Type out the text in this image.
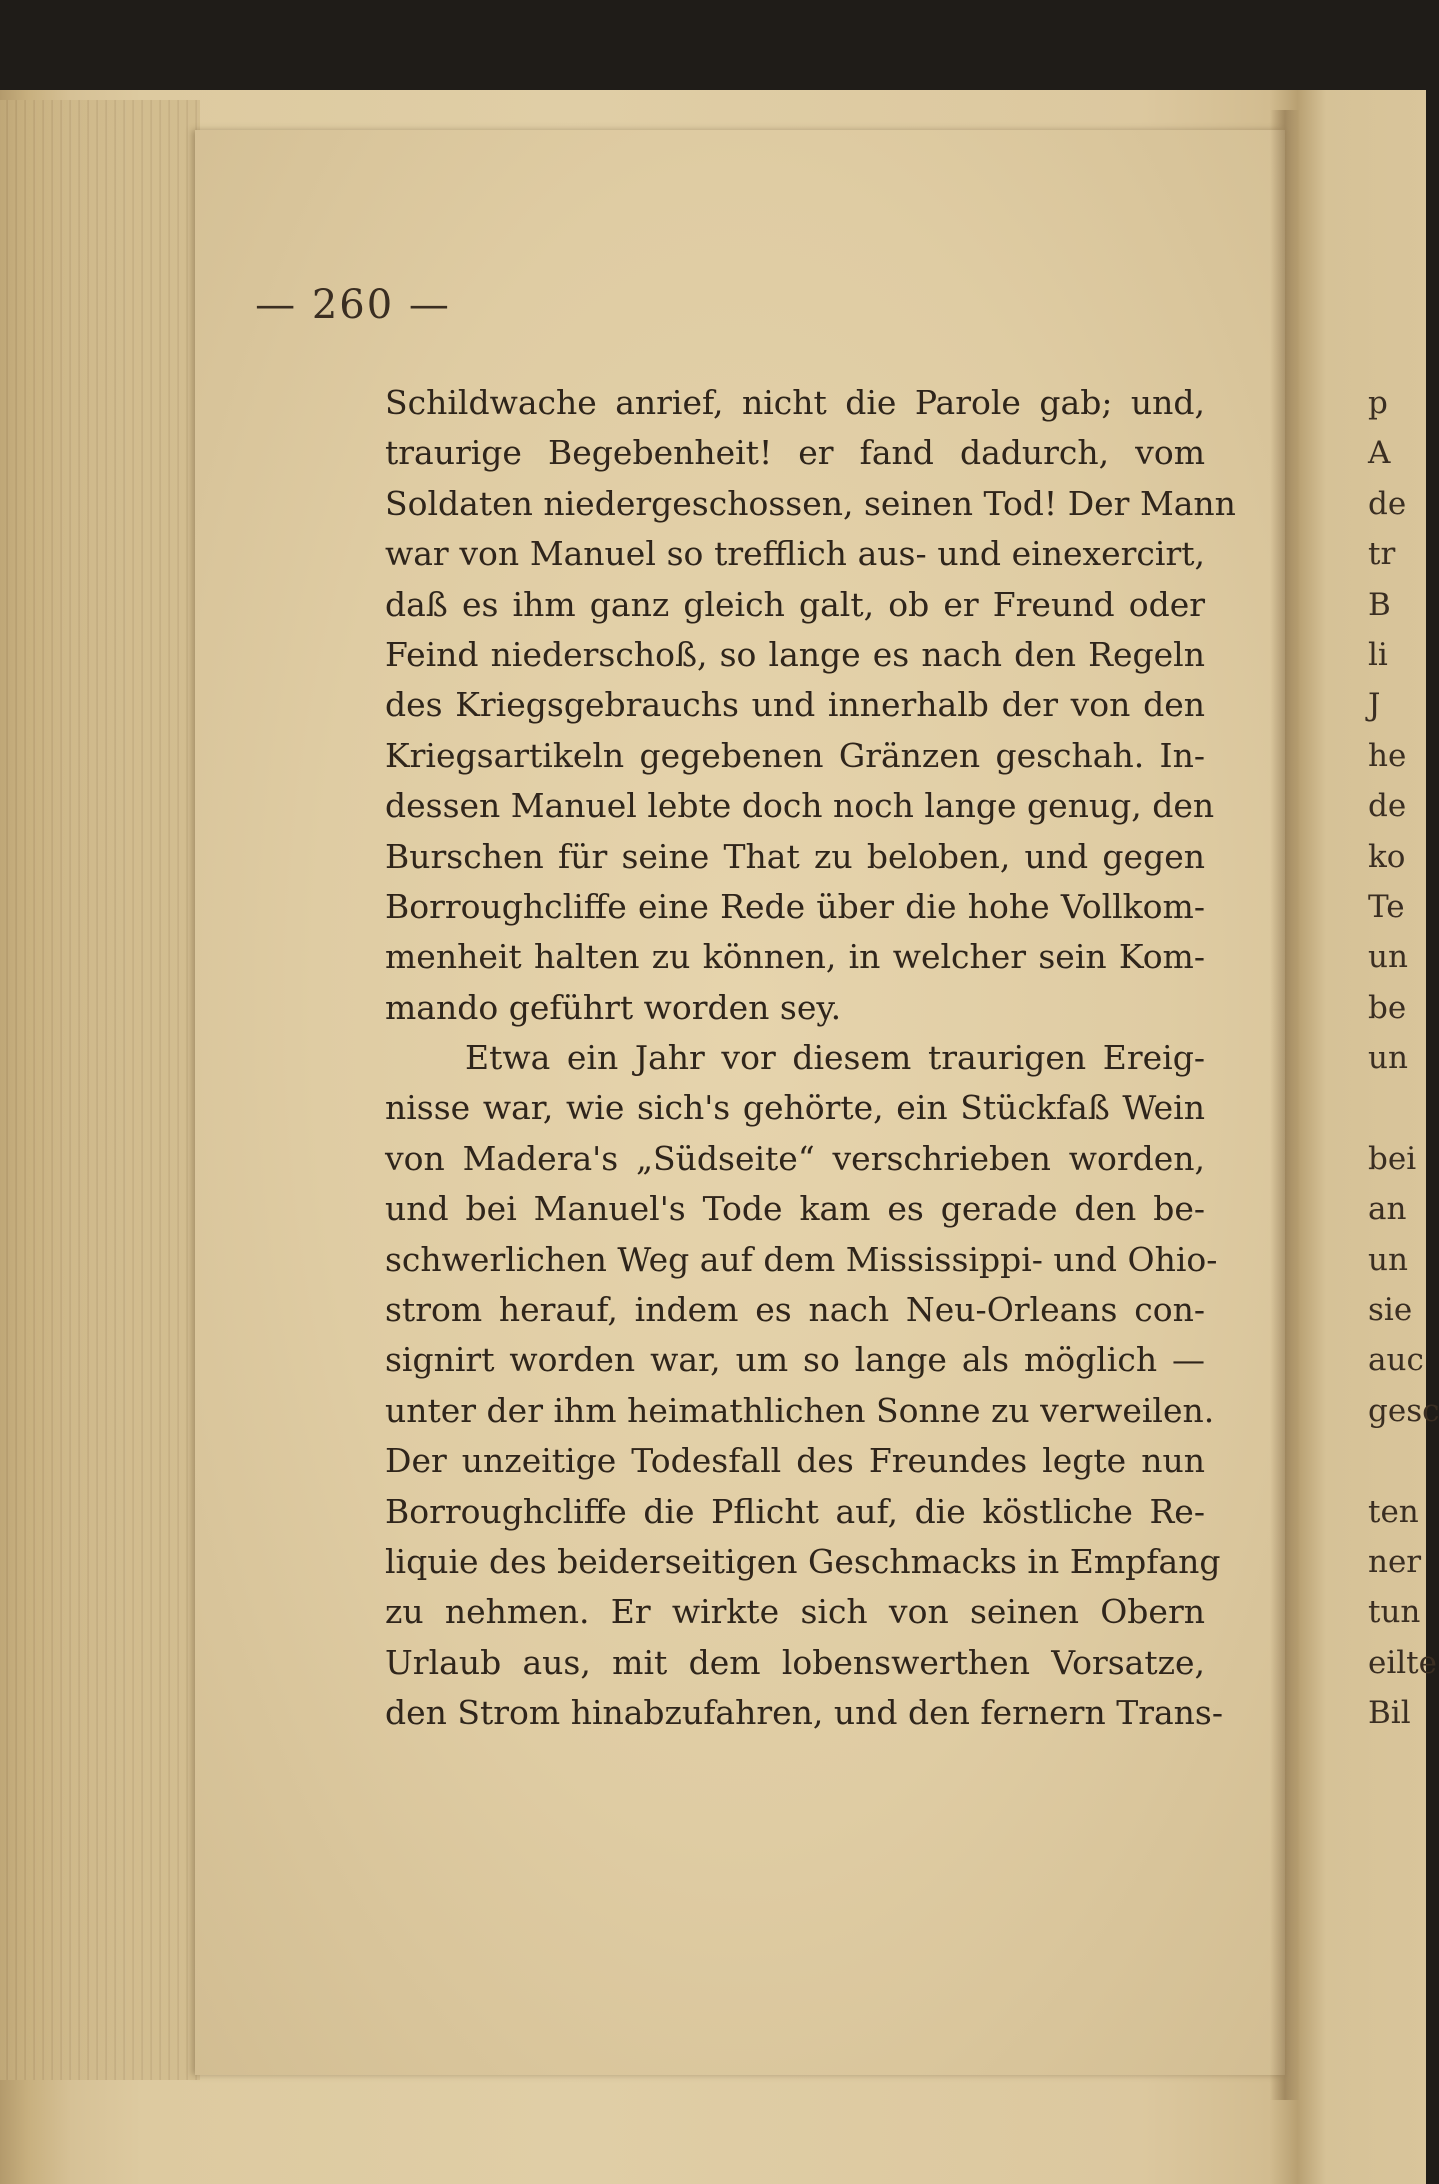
— 260 —
Schildwache anrief, nicht die Parole gab; und,
traurige Begebenheit! er fand dadurch, vom
Soldaten niedergeschossen, seinen Tod! Der Mann
war von Manuel so trefflich aus- und einexercirt,
daß es ihm ganz gleich galt, ob er Freund oder
Feind niederschoß, so lange es nach den Regeln
des Kriegsgebrauchs und innerhalb der von den
Kriegsartikeln gegebenen Gränzen geschah. In-
dessen Manuel lebte doch noch lange genug, den
Burschen für seine That zu beloben, und gegen
Borroughcliffe eine Rede über die hohe Vollkom-
menheit halten zu können, in welcher sein Kom-
mando geführt worden sey.
Etwa ein Jahr vor diesem traurigen Ereig-
nisse war, wie sich's gehörte, ein Stückfaß Wein
von Madera's „Südseite“ verschrieben worden,
und bei Manuel's Tode kam es gerade den be-
schwerlichen Weg auf dem Mississippi- und Ohio-
strom herauf, indem es nach Neu-Orleans con-
signirt worden war, um so lange als möglich —
unter der ihm heimathlichen Sonne zu verweilen.
Der unzeitige Todesfall des Freundes legte nun
Borroughcliffe die Pflicht auf, die köstliche Re-
liquie des beiderseitigen Geschmacks in Empfang
zu nehmen. Er wirkte sich von seinen Obern
Urlaub aus, mit dem lobenswerthen Vorsatze,
den Strom hinabzufahren, und den fernern Trans-
p
A
de
tr
B
li
J
he
de
ko
Te
un
be
un
bei
an
un
sie
auc
gesc
ten
ner
tun
eilte
Bil
